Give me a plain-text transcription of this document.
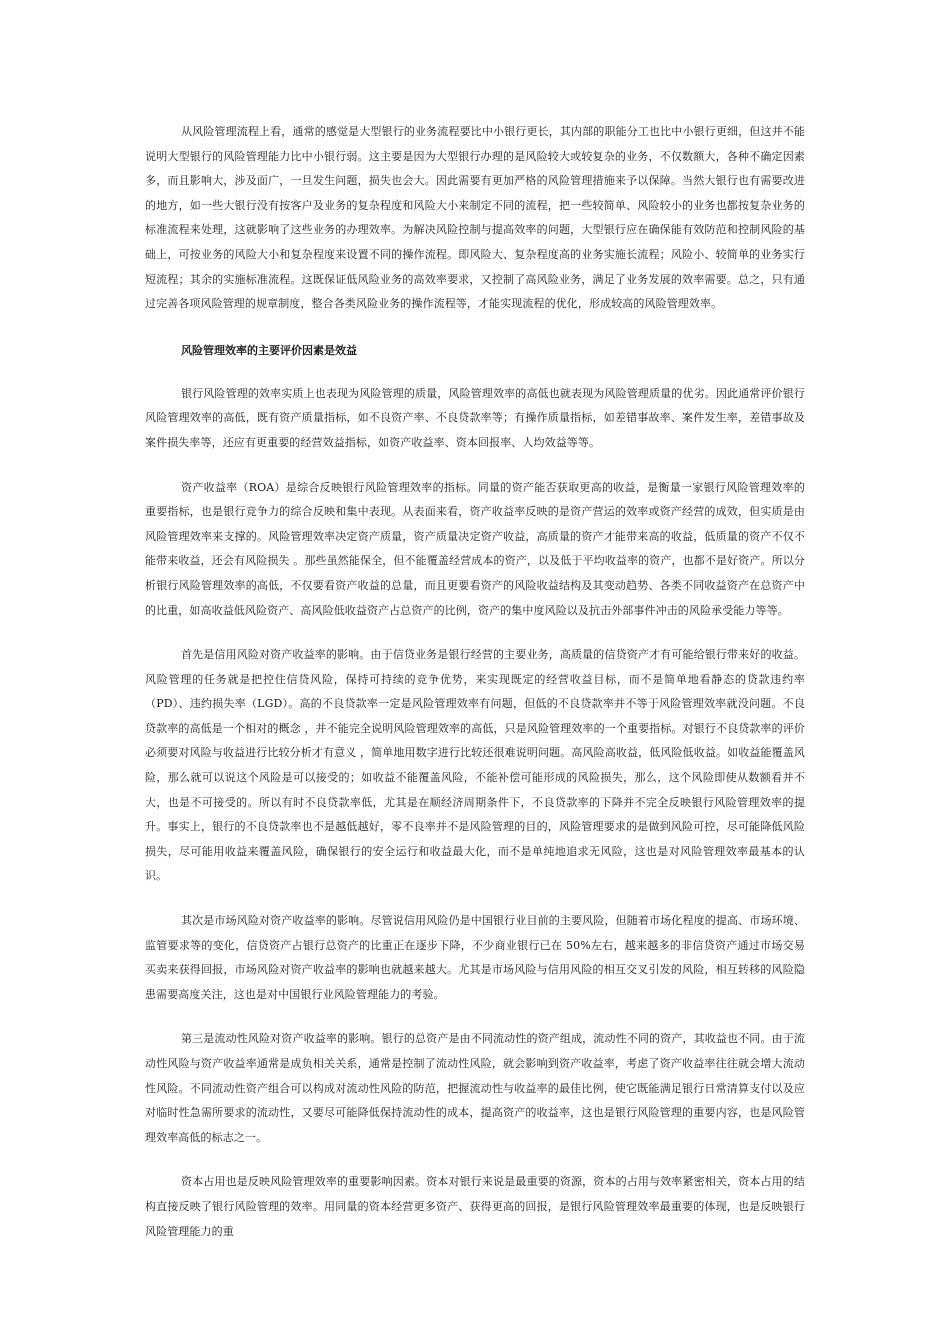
从风险管理流程上看，通常的感觉是大型银行的业务流程要比中小银行更长，其内部的职能分工也比中小银行更细，但这并不能说明大型银行的风险管理能力比中小银行弱。这主要是因为大型银行办理的是风险较大或较复杂的业务，不仅数额大，各种不确定因素多，而且影响大，涉及面广，一旦发生问题，损失也会大。因此需要有更加严格的风险管理措施来予以保障。当然大银行也有需要改进的地方，如一些大银行没有按客户及业务的复杂程度和风险大小来制定不同的流程，把一些较简单、风险较小的业务也都按复杂业务的标准流程来处理，这就影响了这些业务的办理效率。为解决风险控制与提高效率的问题，大型银行应在确保能有效防范和控制风险的基础上，可按业务的风险大小和复杂程度来设置不同的操作流程。即风险大、复杂程度高的业务实施长流程；风险小、较简单的业务实行短流程；其余的实施标准流程。这既保证低风险业务的高效率要求，又控制了高风险业务，满足了业务发展的效率需要。总之，只有通过完善各项风险管理的规章制度，整合各类风险业务的操作流程等，才能实现流程的优化，形成较高的风险管理效率。

风险管理效率的主要评价因素是效益

银行风险管理的效率实质上也表现为风险管理的质量，风险管理效率的高低也就表现为风险管理质量的优劣。因此通常评价银行风险管理效率的高低，既有资产质量指标，如不良资产率、不良贷款率等；有操作质量指标，如差错事故率、案件发生率，差错事故及案件损失率等，还应有更重要的经营效益指标，如资产收益率、资本回报率、人均效益等等。

资产收益率（ROA）是综合反映银行风险管理效率的指标。同量的资产能否获取更高的收益，是衡量一家银行风险管理效率的重要指标，也是银行竞争力的综合反映和集中表现。从表面来看，资产收益率反映的是资产营运的效率或资产经营的成效，但实质是由风险管理效率来支撑的。风险管理效率决定资产质量，资产质量决定资产收益，高质量的资产才能带来高的收益，低质量的资产不仅不能带来收益，还会有风险损失 。那些虽然能保全，但不能覆盖经营成本的资产，以及低于平均收益率的资产，也都不是好资产。所以分析银行风险管理效率的高低，不仅要看资产收益的总量，而且更要看资产的风险收益结构及其变动趋势、各类不同收益资产在总资产中的比重，如高收益低风险资产、高风险低收益资产占总资产的比例，资产的集中度风险以及抗击外部事件冲击的风险承受能力等等。

首先是信用风险对资产收益率的影响。由于信贷业务是银行经营的主要业务，高质量的信贷资产才有可能给银行带来好的收益。风险管理的任务就是把控住信贷风险，保持可持续的竞争优势，来实现既定的经营收益目标，而不是简单地看静态的贷款违约率（PD）、违约损失率（LGD）。高的不良贷款率一定是风险管理效率有问题，但低的不良贷款率并不等于风险管理效率就没问题。不良贷款率的高低是一个相对的概念 ，并不能完全说明风险管理效率的高低，只是风险管理效率的一个重要指标。对银行不良贷款率的评价必须要对风险与收益进行比较分析才有意义 ，简单地用数字进行比较还很难说明问题。高风险高收益，低风险低收益。如收益能覆盖风险，那么就可以说这个风险是可以接受的；如收益不能覆盖风险，不能补偿可能形成的风险损失，那么，这个风险即使从数额看并不大，也是不可接受的。所以有时不良贷款率低，尤其是在顺经济周期条件下，不良贷款率的下降并不完全反映银行风险管理效率的提升。事实上，银行的不良贷款率也不是越低越好，零不良率并不是风险管理的目的，风险管理要求的是做到风险可控，尽可能降低风险损失，尽可能用收益来覆盖风险，确保银行的安全运行和收益最大化，而不是单纯地追求无风险，这也是对风险管理效率最基本的认识。

其次是市场风险对资产收益率的影响。尽管说信用风险仍是中国银行业目前的主要风险，但随着市场化程度的提高、市场环境、监管要求等的变化，信贷资产占银行总资产的比重正在逐步下降，不少商业银行已在 50%左右，越来越多的非信贷资产通过市场交易买卖来获得回报，市场风险对资产收益率的影响也就越来越大。尤其是市场风险与信用风险的相互交叉引发的风险，相互转移的风险隐患需要高度关注，这也是对中国银行业风险管理能力的考验。

第三是流动性风险对资产收益率的影响。银行的总资产是由不同流动性的资产组成，流动性不同的资产，其收益也不同。由于流动性风险与资产收益率通常是成负相关关系，通常是控制了流动性风险，就会影响到资产收益率，考虑了资产收益率往往就会增大流动性风险。不同流动性资产组合可以构成对流动性风险的防范，把握流动性与收益率的最佳比例，使它既能满足银行日常清算支付以及应对临时性急需所要求的流动性，又要尽可能降低保持流动性的成本，提高资产的收益率，这也是银行风险管理的重要内容，也是风险管理效率高低的标志之一。

资本占用也是反映风险管理效率的重要影响因素。资本对银行来说是最重要的资源，资本的占用与效率紧密相关，资本占用的结构直接反映了银行风险管理的效率。用同量的资本经营更多资产、获得更高的回报，是银行风险管理效率最重要的体现，也是反映银行风险管理能力的重
